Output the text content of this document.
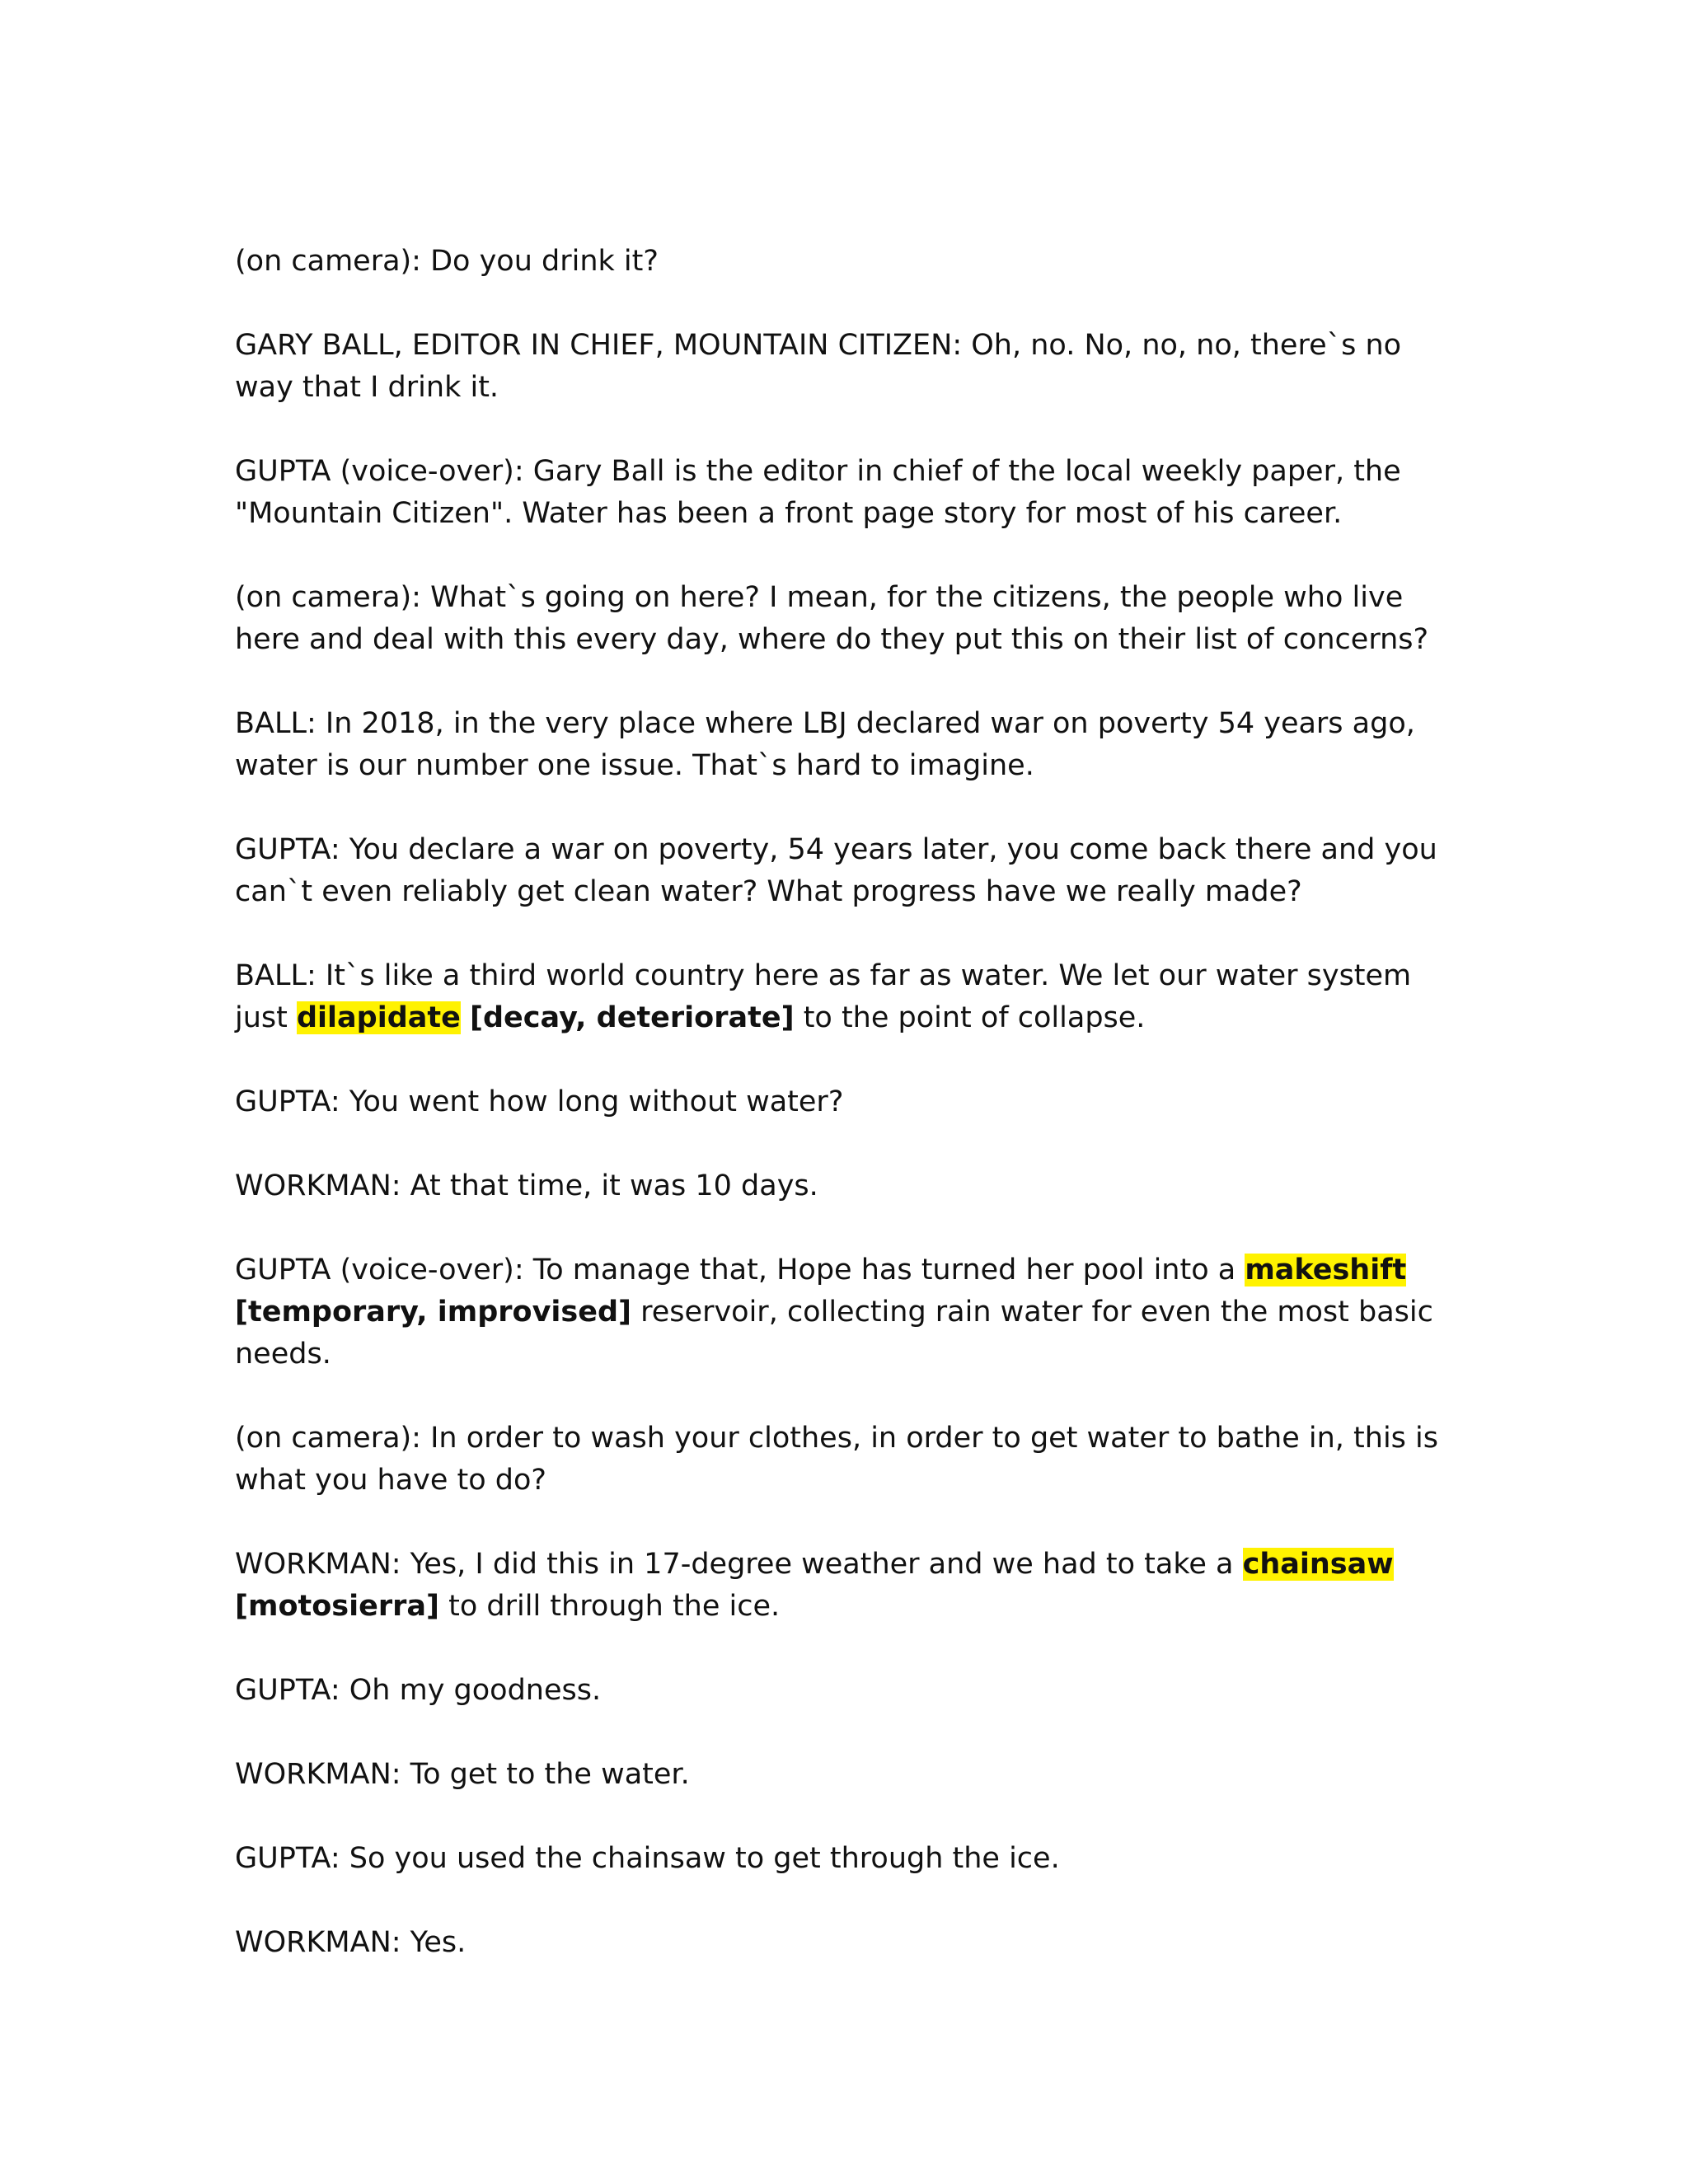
(on camera): Do you drink it?

GARY BALL, EDITOR IN CHIEF, MOUNTAIN CITIZEN: Oh, no. No, no, no, there`s no way that I drink it.

GUPTA (voice-over): Gary Ball is the editor in chief of the local weekly paper, the "Mountain Citizen". Water has been a front page story for most of his career.

(on camera): What`s going on here? I mean, for the citizens, the people who live here and deal with this every day, where do they put this on their list of concerns?

BALL: In 2018, in the very place where LBJ declared war on poverty 54 years ago, water is our number one issue. That`s hard to imagine.

GUPTA: You declare a war on poverty, 54 years later, you come back there and you can`t even reliably get clean water? What progress have we really made?

BALL: It`s like a third world country here as far as water. We let our water system just dilapidate [decay, deteriorate] to the point of collapse.

GUPTA: You went how long without water?

WORKMAN: At that time, it was 10 days.

GUPTA (voice-over): To manage that, Hope has turned her pool into a makeshift [temporary, improvised] reservoir, collecting rain water for even the most basic needs.

(on camera): In order to wash your clothes, in order to get water to bathe in, this is what you have to do?

WORKMAN: Yes, I did this in 17-degree weather and we had to take a chainsaw [motosierra] to drill through the ice.

GUPTA: Oh my goodness.

WORKMAN: To get to the water.

GUPTA: So you used the chainsaw to get through the ice.

WORKMAN: Yes.
